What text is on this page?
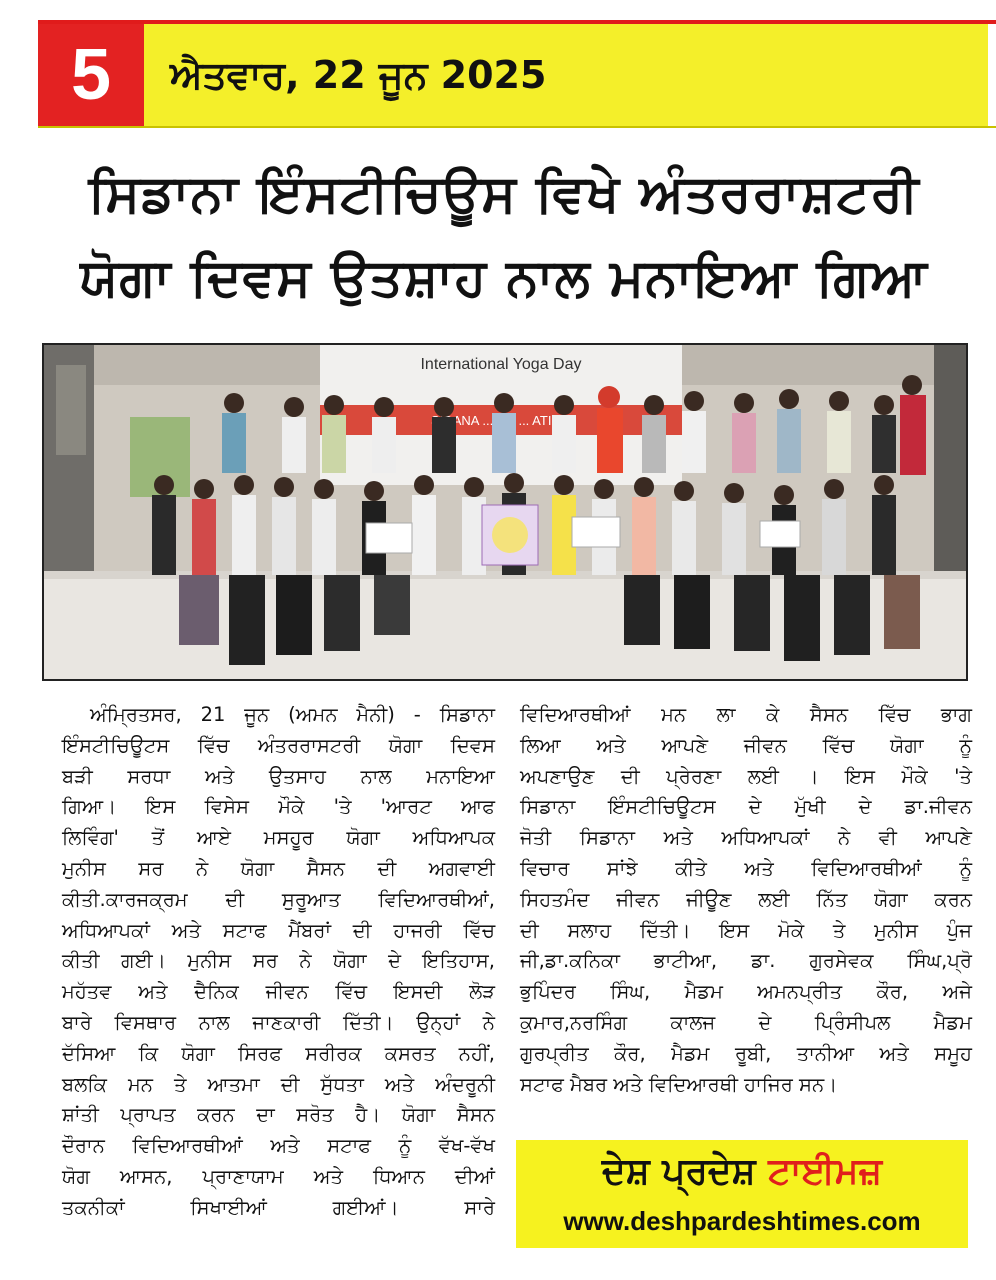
5	ਐਤਵਾਰ, 22 ਜੂਨ 2025
ਸਿਡਾਨਾ ਇੰਸਟੀਚਿਊਸ ਵਿਖੇ ਅੰਤਰਰਾਸ਼ਟਰੀ
ਯੋਗਾ ਦਿਵਸ ਉਤਸ਼ਾਹ ਨਾਲ ਮਨਾਇਆ ਗਿਆ
International Yoga Day
... ... ATION
ਅੰਮ੍ਰਿਤਸਰ, 21 ਜੂਨ (ਅਮਨ ਮੈਨੀ) - ਸਿਡਾਨਾ
ਇੰਸਟੀਚਿਊਟਸ ਵਿੱਚ ਅੰਤਰਰਾਸਟਰੀ ਯੋਗਾ ਦਿਵਸ
ਬੜੀ ਸਰਧਾ ਅਤੇ ਉਤਸਾਹ ਨਾਲ ਮਨਾਇਆ
ਗਿਆ। ਇਸ ਵਿਸੇਸ ਮੌਕੇ 'ਤੇ 'ਆਰਟ ਆਫ
ਲਿਵਿੰਗ' ਤੋਂ ਆਏ ਮਸਹੂਰ ਯੋਗਾ ਅਧਿਆਪਕ
ਮੁਨੀਸ ਸਰ ਨੇ ਯੋਗਾ ਸੈਸਨ ਦੀ ਅਗਵਾਈ
ਕੀਤੀ.ਕਾਰਜਕ੍ਰਮ ਦੀ ਸੁਰੂਆਤ ਵਿਦਿਆਰਥੀਆਂ,
ਅਧਿਆਪਕਾਂ ਅਤੇ ਸਟਾਫ ਮੈਂਬਰਾਂ ਦੀ ਹਾਜਰੀ ਵਿੱਚ
ਕੀਤੀ ਗਈ। ਮੁਨੀਸ ਸਰ ਨੇ ਯੋਗਾ ਦੇ ਇਤਿਹਾਸ,
ਮਹੱਤਵ ਅਤੇ ਦੈਨਿਕ ਜੀਵਨ ਵਿੱਚ ਇਸਦੀ ਲੋੜ
ਬਾਰੇ ਵਿਸਥਾਰ ਨਾਲ ਜਾਣਕਾਰੀ ਦਿੱਤੀ। ਉਨ੍ਹਾਂ ਨੇ
ਦੱਸਿਆ ਕਿ ਯੋਗਾ ਸਿਰਫ ਸਰੀਰਕ ਕਸਰਤ ਨਹੀਂ,
ਬਲਕਿ ਮਨ ਤੇ ਆਤਮਾ ਦੀ ਸੁੱਧਤਾ ਅਤੇ ਅੰਦਰੂਨੀ
ਸ਼ਾਂਤੀ ਪ੍ਰਾਪਤ ਕਰਨ ਦਾ ਸਰੋਤ ਹੈ। ਯੋਗਾ ਸੈਸਨ
ਦੌਰਾਨ ਵਿਦਿਆਰਥੀਆਂ ਅਤੇ ਸਟਾਫ ਨੂੰ ਵੱਖ-ਵੱਖ
ਯੋਗ ਆਸਨ, ਪ੍ਰਾਣਾਯਾਮ ਅਤੇ ਧਿਆਨ ਦੀਆਂ
ਤਕਨੀਕਾਂ ਸਿਖਾਈਆਂ ਗਈਆਂ। ਸਾਰੇ
ਵਿਦਿਆਰਥੀਆਂ ਮਨ ਲਾ ਕੇ ਸੈਸਨ ਵਿੱਚ ਭਾਗ
ਲਿਆ ਅਤੇ ਆਪਣੇ ਜੀਵਨ ਵਿੱਚ ਯੋਗਾ ਨੂੰ
ਅਪਣਾਉਣ ਦੀ ਪ੍ਰੇਰਣਾ ਲਈ । ਇਸ ਮੌਕੇ 'ਤੇ
ਸਿਡਾਨਾ ਇੰਸਟੀਚਿਊਟਸ ਦੇ ਮੁੱਖੀ ਦੇ ਡਾ.ਜੀਵਨ
ਜੋਤੀ ਸਿਡਾਨਾ ਅਤੇ ਅਧਿਆਪਕਾਂ ਨੇ ਵੀ ਆਪਣੇ
ਵਿਚਾਰ ਸਾਂਝੇ ਕੀਤੇ ਅਤੇ ਵਿਦਿਆਰਥੀਆਂ ਨੂੰ
ਸਿਹਤਮੰਦ ਜੀਵਨ ਜੀਊਣ ਲਈ ਨਿੱਤ ਯੋਗਾ ਕਰਨ
ਦੀ ਸਲਾਹ ਦਿੱਤੀ। ਇਸ ਮੋਕੇ ਤੇ ਮੁਨੀਸ ਪੁੰਜ
ਜੀ,ਡਾ.ਕਨਿਕਾ ਭਾਟੀਆ, ਡਾ. ਗੁਰਸੇਵਕ ਸਿੰਘ,ਪ੍ਰੋ
ਭੁਪਿੰਦਰ ਸਿੰਘ, ਮੈਡਮ ਅਮਨਪ੍ਰੀਤ ਕੌਰ, ਅਜੇ
ਕੁਮਾਰ,ਨਰਸਿੰਗ ਕਾਲਜ ਦੇ ਪ੍ਰਿੰਸੀਪਲ ਮੈਡਮ
ਗੁਰਪ੍ਰੀਤ ਕੌਰ, ਮੈਡਮ ਰੂਬੀ, ਤਾਨੀਆ ਅਤੇ ਸਮੂਹ
ਸਟਾਫ ਮੈਬਰ ਅਤੇ ਵਿਦਿਆਰਥੀ ਹਾਜਿਰ ਸਨ।
ਦੇਸ਼ ਪ੍ਰਦੇਸ਼ ਟਾਈਮਜ਼
www.deshpardeshtimes.com
